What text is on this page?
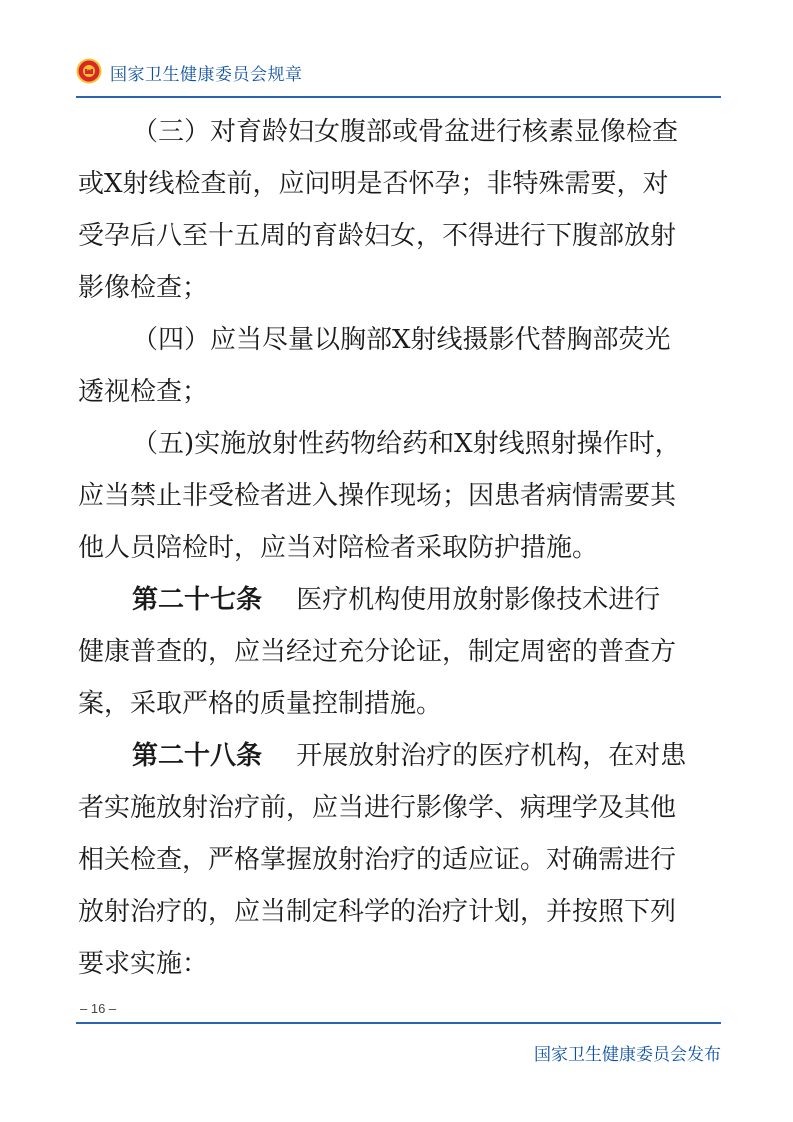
国家卫生健康委员会规章
（三）对育龄妇女腹部或骨盆进行核素显像检查
或X射线检查前，应问明是否怀孕；非特殊需要，对
受孕后八至十五周的育龄妇女，不得进行下腹部放射
影像检查；
（四）应当尽量以胸部X射线摄影代替胸部荧光
透视检查；
（五)实施放射性药物给药和X射线照射操作时，
应当禁止非受检者进入操作现场；因患者病情需要其
他人员陪检时，应当对陪检者采取防护措施。
第二十七条　 医疗机构使用放射影像技术进行
健康普查的，应当经过充分论证，制定周密的普查方
案，采取严格的质量控制措施。
第二十八条　 开展放射治疗的医疗机构，在对患
者实施放射治疗前，应当进行影像学、病理学及其他
相关检查，严格掌握放射治疗的适应证。对确需进行
放射治疗的，应当制定科学的治疗计划，并按照下列
要求实施：
– 16 –
国家卫生健康委员会发布
